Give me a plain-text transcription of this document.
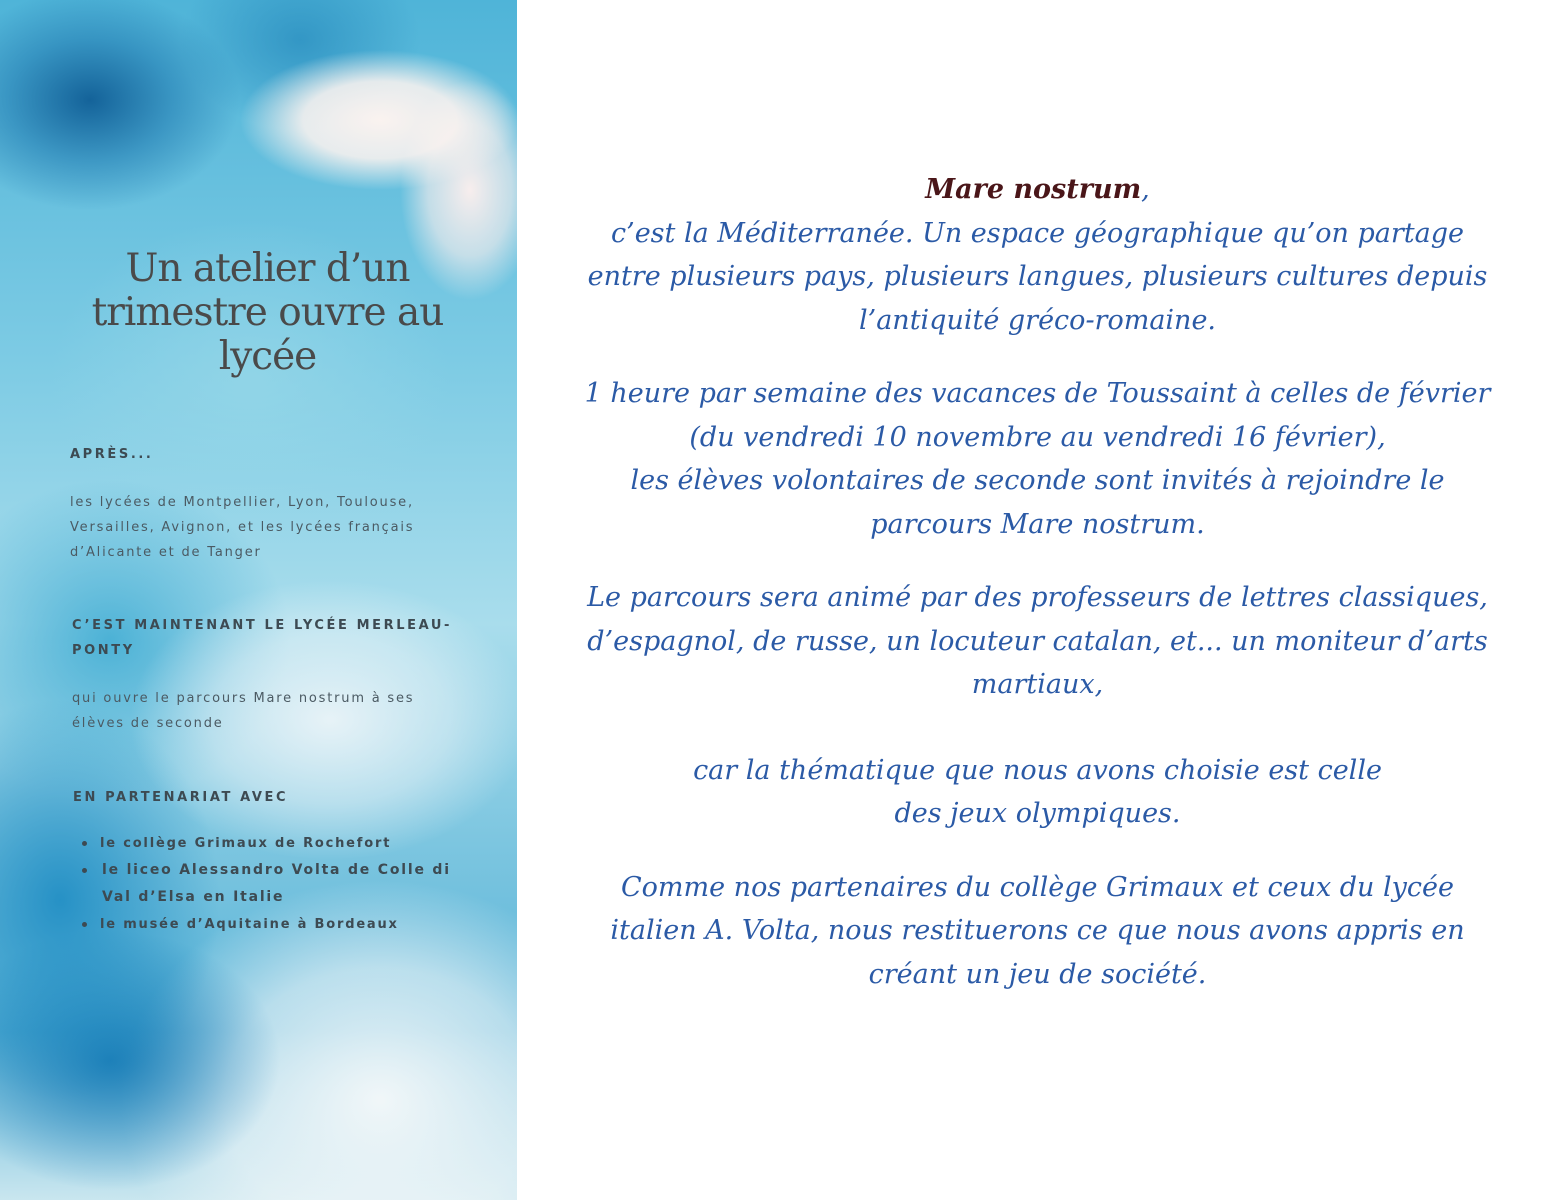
Un atelier d’un trimestre ouvre au lycée
APRÈS...

les lycées de Montpellier, Lyon, Toulouse, Versailles, Avignon, et les lycées français d’Alicante et de Tanger

C’EST MAINTENANT LE LYCÉE MERLEAU-PONTY

qui ouvre le parcours Mare nostrum à ses élèves de seconde

EN PARTENARIAT AVEC
le collège Grimaux de Rochefort
le liceo Alessandro Volta de Colle di Val d’Elsa en Italie
le musée d’Aquitaine à Bordeaux

Mare nostrum,

c’est la Méditerranée. Un espace géographique qu’on partage entre plusieurs pays, plusieurs langues, plusieurs cultures depuis l’antiquité gréco-romaine.

1 heure par semaine des vacances de Toussaint à celles de février

(du vendredi 10 novembre au vendredi 16 février),

les élèves volontaires de seconde sont invités à rejoindre le parcours Mare nostrum.

Le parcours sera animé par des professeurs de lettres classiques, d’espagnol, de russe, un locuteur catalan, et... un moniteur d’arts martiaux,

car la thématique que nous avons choisie est celle

des jeux olympiques.

Comme nos partenaires du collège Grimaux et ceux du lycée italien A. Volta, nous restituerons ce que nous avons appris en créant un jeu de société.
